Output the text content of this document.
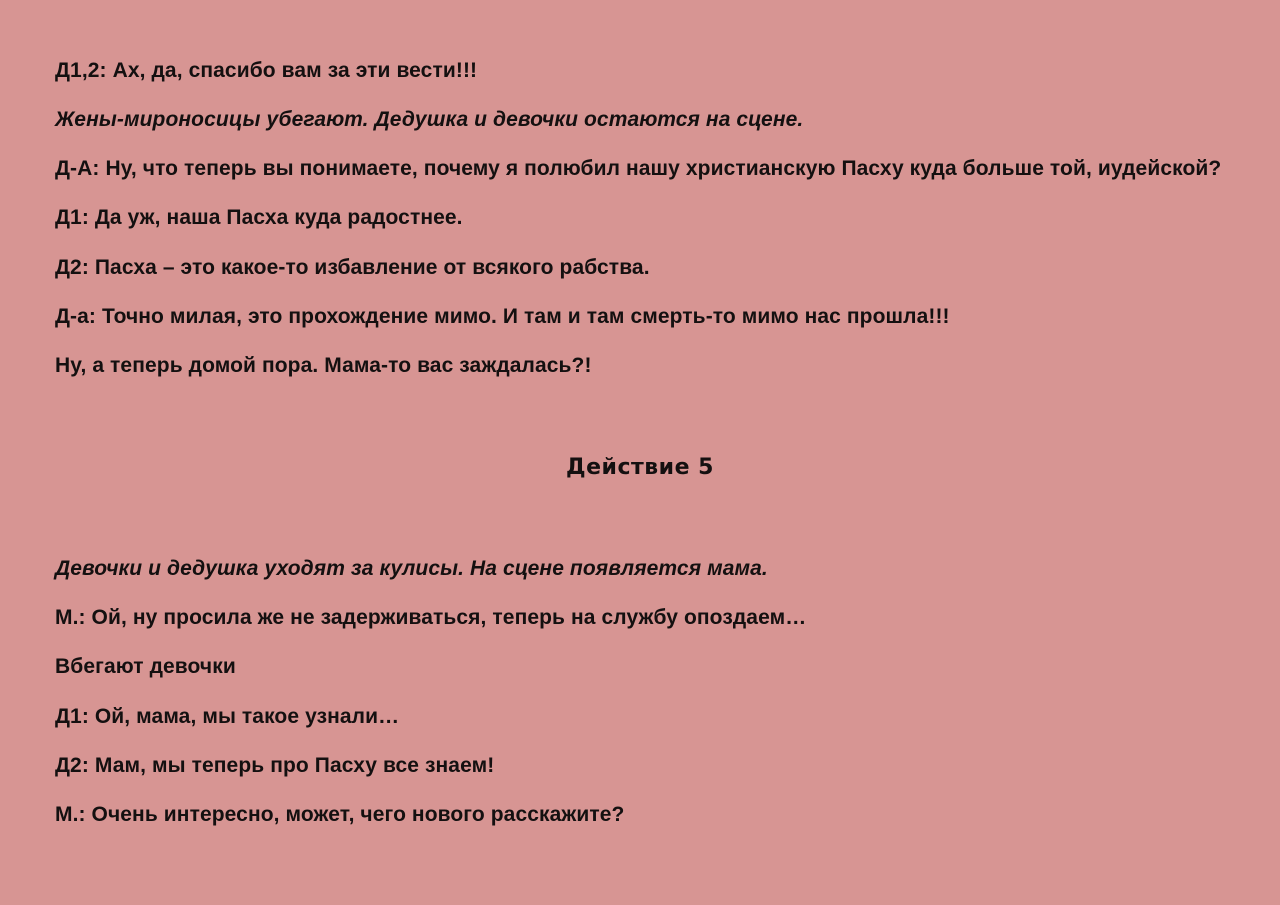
Д1,2: Ах, да, спасибо вам за эти вести!!!
Жены-мироносицы убегают. Дедушка и девочки остаются на сцене.
Д-А: Ну, что теперь вы понимаете, почему я полюбил нашу христианскую Пасху куда больше той, иудейской?
Д1: Да уж, наша Пасха куда радостнее.
Д2: Пасха – это какое-то избавление от всякого рабства.
Д-а: Точно милая, это прохождение мимо. И там и там смерть-то мимо нас прошла!!!
Ну, а теперь домой пора. Мама-то вас заждалась?!
Действие 5
Девочки и дедушка уходят за кулисы. На сцене появляется мама.
М.: Ой, ну просила же не задерживаться, теперь на службу опоздаем…
Вбегают девочки
Д1: Ой, мама, мы такое узнали…
Д2: Мам, мы теперь про Пасху все знаем!
М.: Очень интересно, может, чего нового расскажите?
